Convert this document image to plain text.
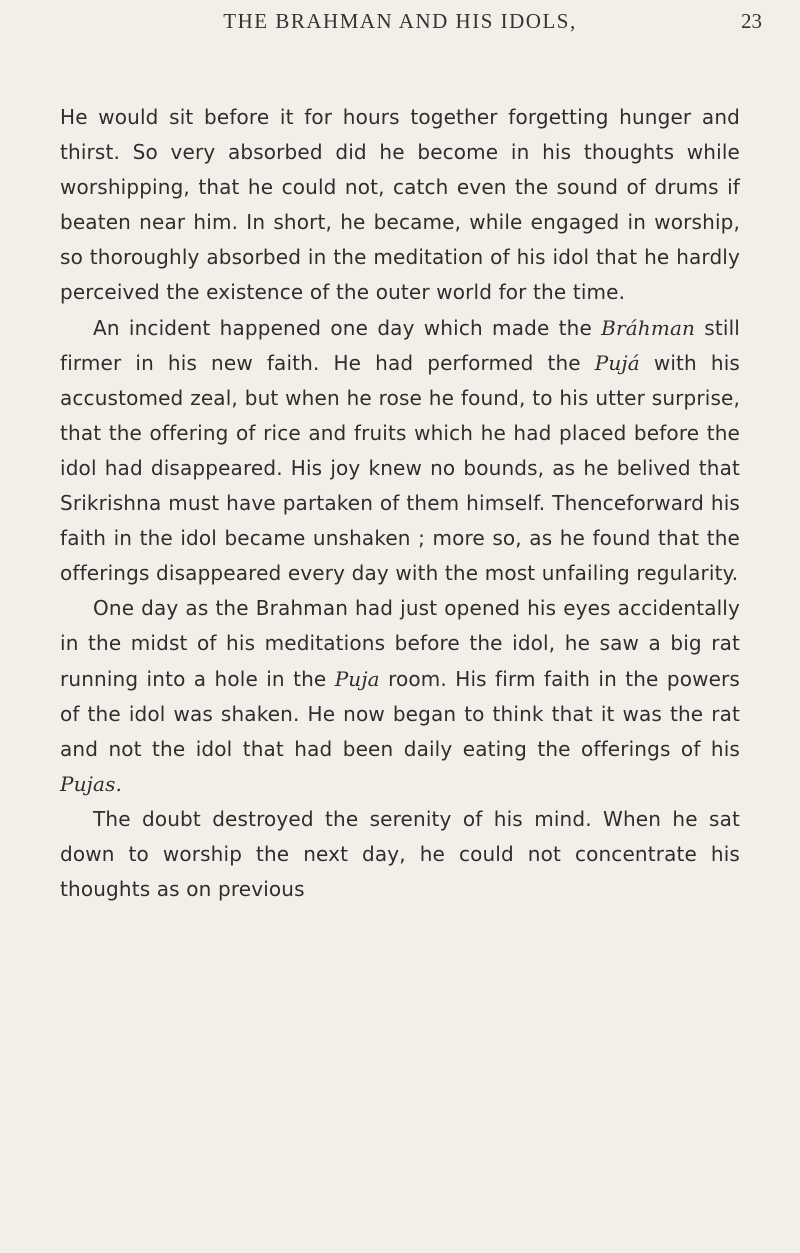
THE BRAHMAN AND HIS IDOLS,	23

He would sit before it for hours together forgetting hunger and thirst. So very absorbed did he become in his thoughts while worshipping, that he could not, catch even the sound of drums if beaten near him. In short, he became, while engaged in worship, so thoroughly absorbed in the meditation of his idol that he hardly perceived the existence of the outer world for the time.

An incident happened one day which made the Bráhman still firmer in his new faith. He had performed the Pujá with his accustomed zeal, but when he rose he found, to his utter surprise, that the offering of rice and fruits which he had placed before the idol had disappeared. His joy knew no bounds, as he belived that Srikrishna must have partaken of them himself. Thenceforward his faith in the idol became unshaken ; more so, as he found that the offerings disappeared every day with the most unfailing regularity.

One day as the Brahman had just opened his eyes accidentally in the midst of his meditations before the idol, he saw a big rat running into a hole in the Puja room. His firm faith in the powers of the idol was shaken. He now began to think that it was the rat and not the idol that had been daily eating the offerings of his Pujas.

The doubt destroyed the serenity of his mind. When he sat down to worship the next day, he could not concentrate his thoughts as on previous
